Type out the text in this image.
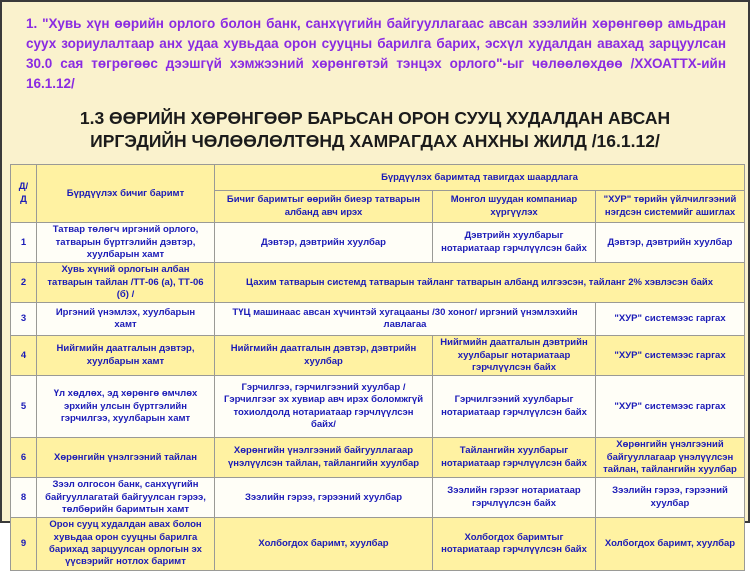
1. "Хувь хүн өөрийн орлого болон банк, санхүүгийн байгууллагаас авсан зээлийн хөрөнгөөр амьдран суух зориулалтаар анх удаа хувьдаа орон сууцны барилга барих, эсхүл худалдан авахад зарцуулсан 30.0 сая төгрөгөөс дээшгүй хэмжээний хөрөнгөтэй тэнцэх орлого"-ыг чөлөөлөхдөө /ХХОАТТХ-ийн 16.1.12/
1.3 ӨӨРИЙН ХӨРӨНГӨӨР БАРЬСАН ОРОН СУУЦ ХУДАЛДАН АВСАН ИРГЭДИЙН ЧӨЛӨӨЛӨЛТӨНД ХАМРАГДАХ АНХНЫ ЖИЛД /16.1.12/
Д/Д	Бүрдүүлэх бичиг баримт	Бүрдүүлэх баримтад тавигдах шаардлага		
		Бичиг баримтыг өөрийн биеэр татварын албанд авч ирэх	Монгол шуудан компаниар хүргүүлэх	"ХУР" төрийн үйлчилгээний нэгдсэн системийг ашиглах
1	Татвар төлөгч иргэний орлого, татварын бүртгэлийн дэвтэр, хуулбарын хамт	Дэвтэр, дэвтрийн хуулбар	Дэвтрийн хуулбарыг нотариатаар гэрчлүүлсэн байх	Дэвтэр, дэвтрийн хуулбар
2	Хувь хүний орлогын албан татварын тайлан /ТТ-06 (а), ТТ-06 (б) /	Цахим татварын системд татварын тайланг татварын албанд илгээсэн, тайланг 2% хэвлэсэн байх		
3	Иргэний үнэмлэх, хуулбарын хамт	ТҮЦ машинаас авсан хүчинтэй хугацааны /30 хоног/ иргэний үнэмлэхийн лавлагаа		"ХУР" системээс гаргах
4	Нийгмийн даатгалын дэвтэр, хуулбарын хамт	Нийгмийн даатгалын дэвтэр, дэвтрийн хуулбар	Нийгмийн даатгалын дэвтрийн хуулбарыг нотариатаар гэрчлүүлсэн байх	"ХУР" системээс гаргах
5	Үл хөдлөх, эд хөрөнгө өмчлөх эрхийн улсын бүртгэлийн гэрчилгээ, хуулбарын хамт	Гэрчилгээ, гэрчилгээний хуулбар /Гэрчилгээг эх хувиар авч ирэх боломжгүй тохиолдолд нотариатаар гэрчлүүлсэн байх/	Гэрчилгээний хуулбарыг нотариатаар гэрчлүүлсэн байх	"ХУР" системээс гаргах
6	Хөрөнгийн үнэлгээний тайлан	Хөрөнгийн үнэлгээний байгууллагаар үнэлүүлсэн тайлан, тайлангийн хуулбар	Тайлангийн хуулбарыг нотариатаар гэрчлүүлсэн байх	Хөрөнгийн үнэлгээний байгууллагаар үнэлүүлсэн тайлан, тайлангийн хуулбар
8	Зээл олгосон банк, санхүүгийн байгууллагатай байгуулсан гэрээ, төлбөрийн баримтын хамт	Зээлийн гэрээ, гэрээний хуулбар	Зээлийн гэрээг нотариатаар гэрчлүүлсэн байх	Зээлийн гэрээ, гэрээний хуулбар
9	Орон сууц худалдан авах болон хувьдаа орон сууцны барилга барихад зарцуулсан орлогын эх үүсвэрийг нотлох баримт	Холбогдох баримт, хуулбар	Холбогдох баримтыг нотариатаар гэрчлүүлсэн байх	Холбогдох баримт, хуулбар
